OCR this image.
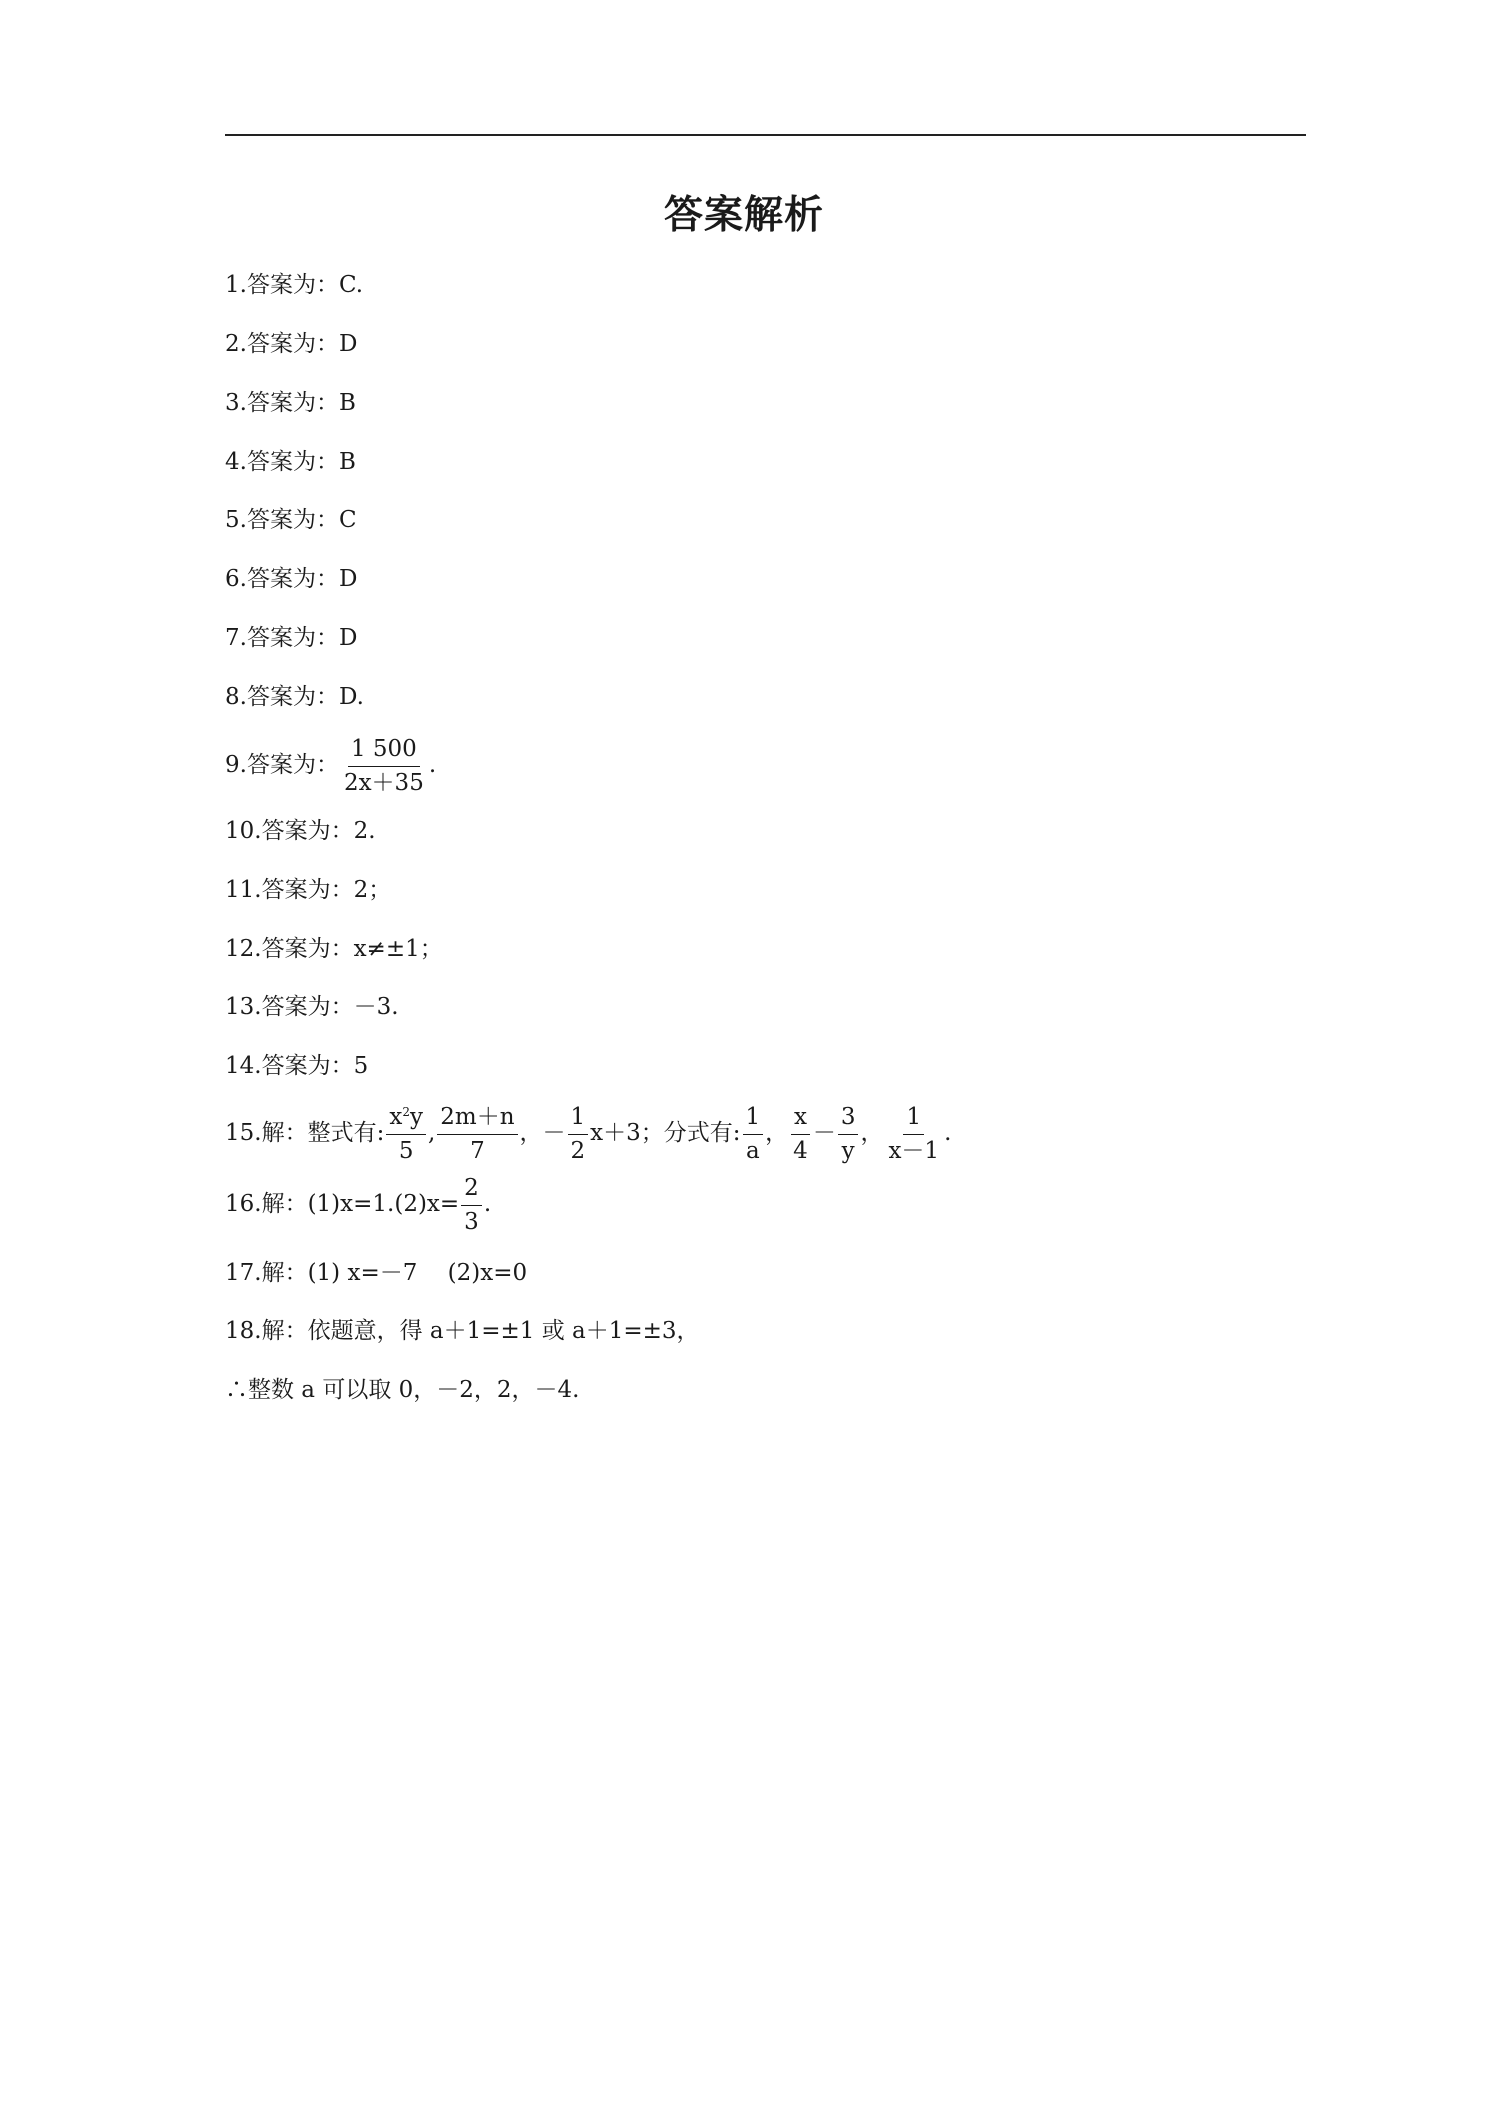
答案解析
1.答案为：C.
2.答案为：D
3.答案为：B
4.答案为：B
5.答案为：C
6.答案为：D
7.答案为：D
8.答案为：D.
9.答案为： $\frac{1 500}{2x+35}$ .
10.答案为：2.
11.答案为：2；
12.答案为：x≠±1；
13.答案为：－3.
14.答案为：5
15.解：整式有: $\frac{x^2y}{5}$ , $\frac{2m+n}{7}$ ，－ $\frac{1}{2} x+3$；分式有: $\frac{1}{a}$ ， $\frac{x}{4} - \frac{3}{y}$ ， $\frac{1}{x-1}$ .
16.解：$(1)x=1.(2)x= \frac{2}{3}$ .
17.解：(1) x=－7　 (2)x=0
18.解：依题意，得 a＋1=±1 或 a＋1=±3，
∴整数 a 可以取 0，－2，2，－4.
